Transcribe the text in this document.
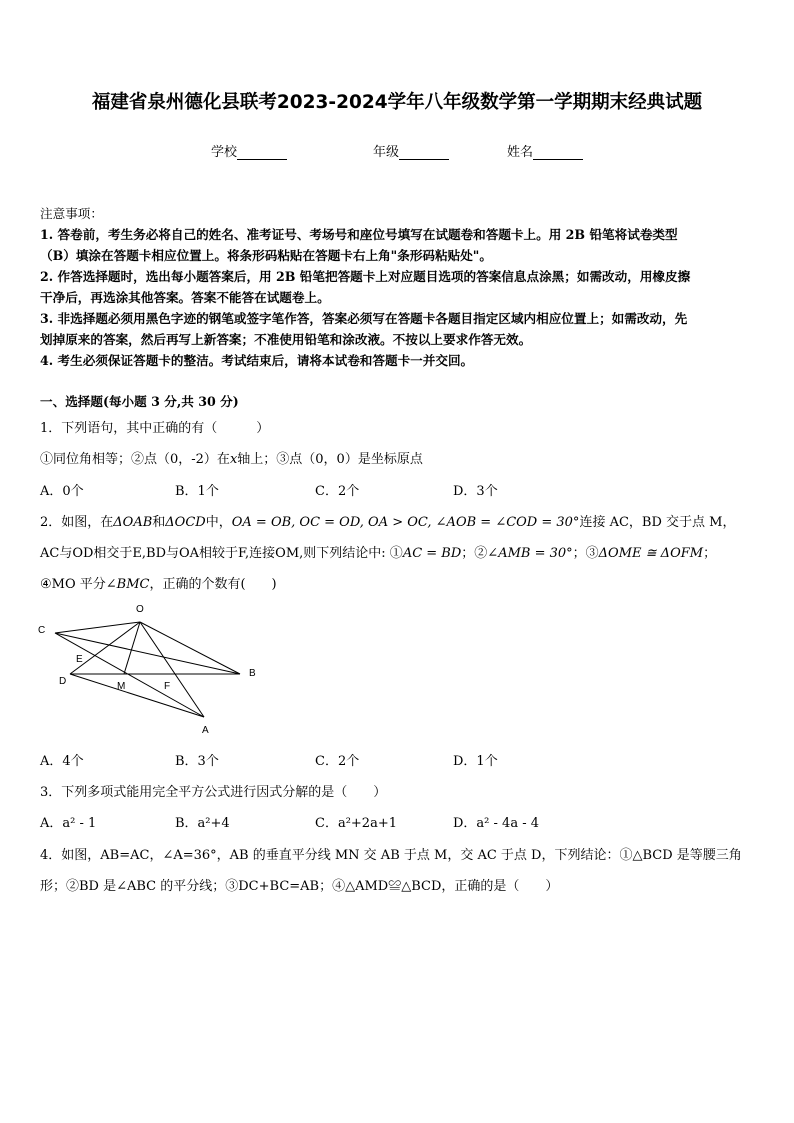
福建省泉州德化县联考2023-2024学年八年级数学第一学期期末经典试题
学校	年级	姓名
注意事项：
1. 答卷前，考生务必将自己的姓名、准考证号、考场号和座位号填写在试题卷和答题卡上。用 2B 铅笔将试卷类型
（B）填涂在答题卡相应位置上。将条形码粘贴在答题卡右上角"条形码粘贴处"。
2. 作答选择题时，选出每小题答案后，用 2B 铅笔把答题卡上对应题目选项的答案信息点涂黑；如需改动，用橡皮擦
干净后，再选涂其他答案。答案不能答在试题卷上。
3. 非选择题必须用黑色字迹的钢笔或签字笔作答，答案必须写在答题卡各题目指定区域内相应位置上；如需改动，先
划掉原来的答案，然后再写上新答案；不准使用铅笔和涂改液。不按以上要求作答无效。
4. 考生必须保证答题卡的整洁。考试结束后，请将本试卷和答题卡一并交回。
一、选择题(每小题 3 分,共 30 分)
1．下列语句，其中正确的有（　　　）
①同位角相等；②点（0，-2）在x轴上；③点（0，0）是坐标原点
A．0个	B．1个	C．2个	D．3个
2．如图，在ΔOAB和ΔOCD中，OA = OB, OC = OD, OA > OC, ∠AOB = ∠COD = 30°连接 AC，BD 交于点 M，
AC与OD相交于E,BD与OA相较于F,连接OM,则下列结论中: ①AC = BD；②∠AMB = 30°；③ΔOME ≅ ΔOFM；
④MO 平分∠BMC，正确的个数有(　　)
O
C
E
D	M	F
B
A
A．4个	B．3个	C．2个	D．1个
3．下列多项式能用完全平方公式进行因式分解的是（　　）
A．a² - 1	B．a²+4	C．a²+2a+1	D．a² - 4a - 4
4．如图，AB=AC，∠A=36°，AB 的垂直平分线 MN 交 AB 于点 M，交 AC 于点 D，下列结论：①△BCD 是等腰三角
形；②BD 是∠ABC 的平分线；③DC+BC=AB；④△AMD≌△BCD，正确的是（　　）
